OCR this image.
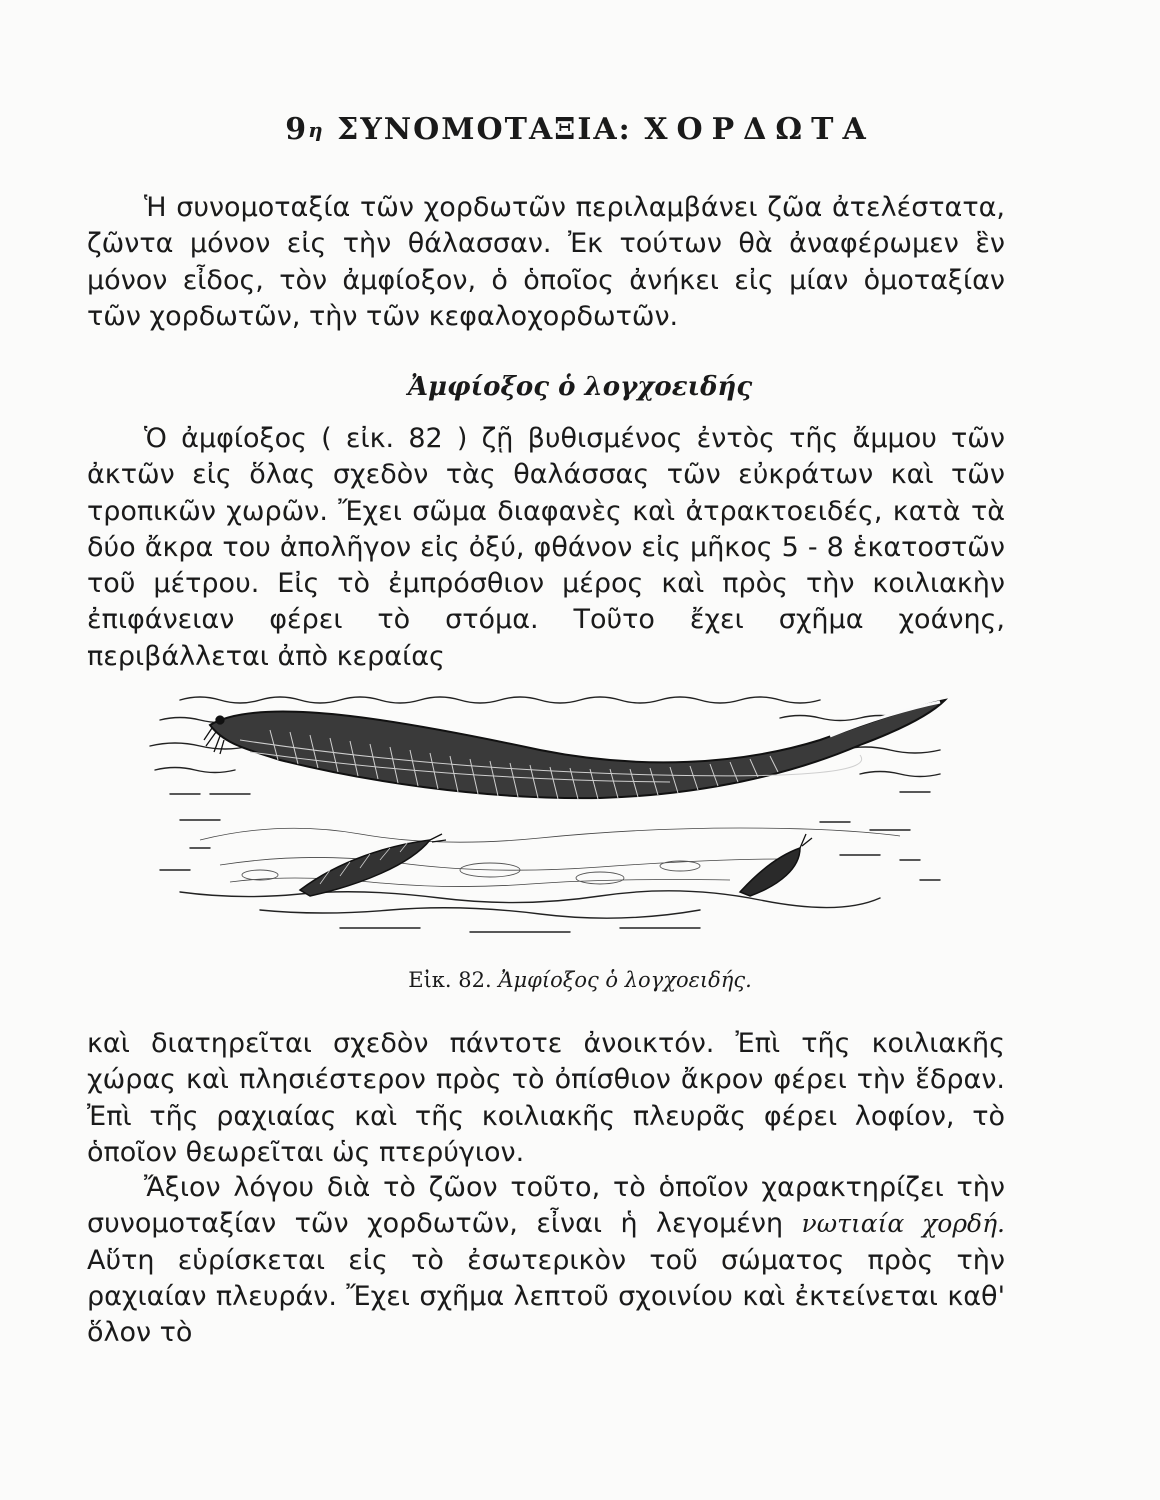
$9_\eta$ ΣΥΝΟΜΟΤΑΞΙΑ: ΧΟΡΔΩΤΑ

Ἡ συνομοταξία τῶν χορδωτῶν περιλαμβάνει ζῶα ἀτελέστατα, ζῶντα μόνον εἰς τὴν θάλασσαν. Ἐκ τούτων θὰ ἀναφέρωμεν ἓν μόνον εἶδος, τὸν ἀμφίοξον, ὁ ὁποῖος ἀνήκει εἰς μίαν ὁμοταξίαν τῶν χορδωτῶν, τὴν τῶν κεφαλοχορδωτῶν.

Ἀμφίοξος ὁ λογχοειδής

Ὁ ἀμφίοξος ( εἰκ. 82 ) ζῇ βυθισμένος ἐντὸς τῆς ἄμμου τῶν ἀκτῶν εἰς ὅλας σχεδὸν τὰς θαλάσσας τῶν εὐκράτων καὶ τῶν τροπικῶν χωρῶν. Ἔχει σῶμα διαφανὲς καὶ ἀτρακτοειδές, κατὰ τὰ δύο ἄκρα του ἀπολῆγον εἰς ὀξύ, φθάνον εἰς μῆκος 5 - 8 ἑκατοστῶν τοῦ μέτρου. Εἰς τὸ ἐμπρόσθιον μέρος καὶ πρὸς τὴν κοιλιακὴν ἐπιφάνειαν φέρει τὸ στόμα. Τοῦτο ἔχει σχῆμα χοάνης, περιβάλλεται ἀπὸ κεραίας

Εἰκ. 82. Ἀμφίοξος ὁ λογχοειδής.

καὶ διατηρεῖται σχεδὸν πάντοτε ἀνοικτόν. Ἐπὶ τῆς κοιλιακῆς χώρας καὶ πλησιέστερον πρὸς τὸ ὀπίσθιον ἄκρον φέρει τὴν ἕδραν. Ἐπὶ τῆς ραχιαίας καὶ τῆς κοιλιακῆς πλευρᾶς φέρει λοφίον, τὸ ὁποῖον θεωρεῖται ὡς πτερύγιον.

Ἄξιον λόγου διὰ τὸ ζῶον τοῦτο, τὸ ὁποῖον χαρακτηρίζει τὴν συνομοταξίαν τῶν χορδωτῶν, εἶναι ἡ λεγομένη νωτιαία χορδή. Αὕτη εὑρίσκεται εἰς τὸ ἐσωτερικὸν τοῦ σώματος πρὸς τὴν ραχιαίαν πλευράν. Ἔχει σχῆμα λεπτοῦ σχοινίου καὶ ἐκτείνεται καθ' ὅλον τὸ
